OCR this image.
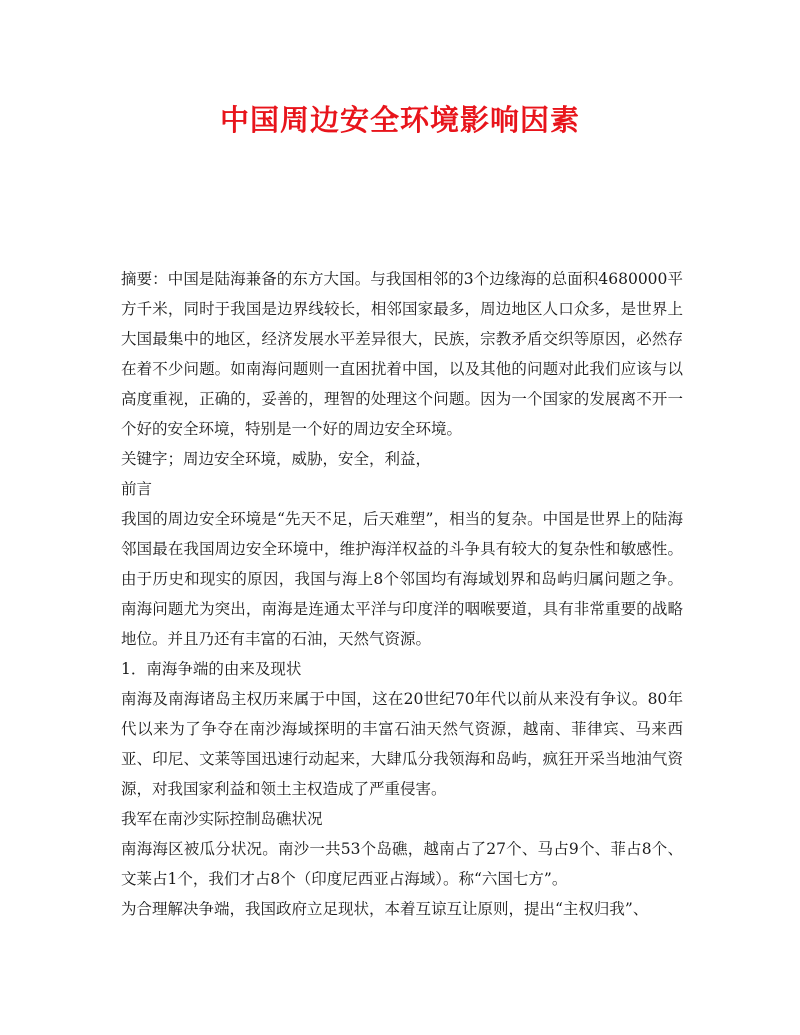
中国周边安全环境影响因素

摘要：中国是陆海兼备的东方大国。与我国相邻的3个边缘海的总面积4680000平方千米，同时于我国是边界线较长，相邻国家最多，周边地区人口众多，是世界上大国最集中的地区，经济发展水平差异很大，民族，宗教矛盾交织等原因，必然存在着不少问题。如南海问题则一直困扰着中国，以及其他的问题对此我们应该与以高度重视，正确的，妥善的，理智的处理这个问题。因为一个国家的发展离不开一个好的安全环境，特别是一个好的周边安全环境。

关键字；周边安全环境，威胁，安全，利益，

前言

我国的周边安全环境是“先天不足，后天难塑”，相当的复杂。中国是世界上的陆海邻国最在我国周边安全环境中，维护海洋权益的斗争具有较大的复杂性和敏感性。由于历史和现实的原因，我国与海上8个邻国均有海域划界和岛屿归属问题之争。南海问题尤为突出，南海是连通太平洋与印度洋的咽喉要道，具有非常重要的战略地位。并且乃还有丰富的石油，天然气资源。

1．南海争端的由来及现状

南海及南海诸岛主权历来属于中国，这在20世纪70年代以前从来没有争议。80年代以来为了争夺在南沙海域探明的丰富石油天然气资源，越南、菲律宾、马来西亚、印尼、文莱等国迅速行动起来，大肆瓜分我领海和岛屿，疯狂开采当地油气资源，对我国家利益和领土主权造成了严重侵害。

我军在南沙实际控制岛礁状况

南海海区被瓜分状况。南沙一共53个岛礁，越南占了27个、马占9个、菲占8个、文莱占1个，我们才占8个（印度尼西亚占海域）。称“六国七方”。

为合理解决争端，我国政府立足现状，本着互谅互让原则，提出“主权归我”、
